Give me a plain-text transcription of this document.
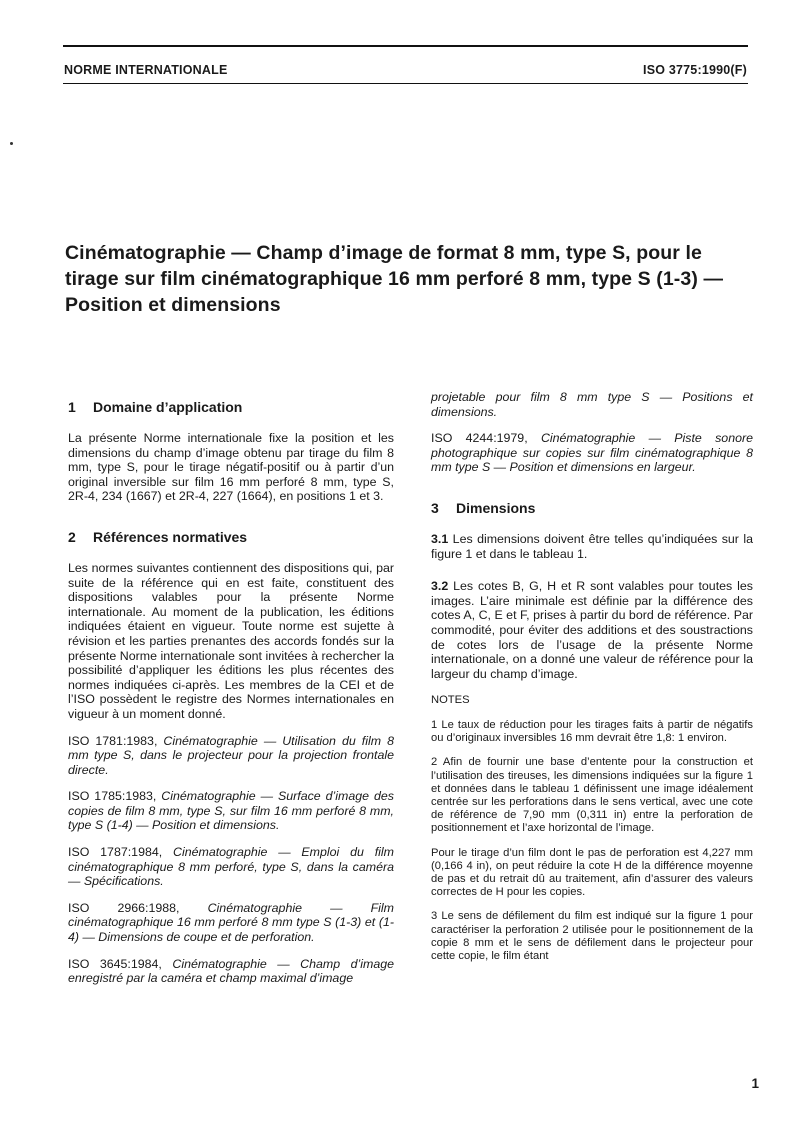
NORME INTERNATIONALE	ISO 3775:1990(F)
Cinématographie — Champ d’image de format 8 mm, type S, pour le tirage sur film cinématographique 16 mm perforé 8 mm, type S (1-3) — Position et dimensions
1 Domaine d’application

La présente Norme internationale fixe la position et les dimensions du champ d’image obtenu par tirage du film 8 mm, type S, pour le tirage négatif-positif ou à partir d’un original inversible sur film 16 mm perforé 8 mm, type S, 2R-4, 234 (1667) et 2R-4, 227 (1664), en positions 1 et 3.

2 Références normatives

Les normes suivantes contiennent des dispositions qui, par suite de la référence qui en est faite, constituent des dispositions valables pour la présente Norme internationale. Au moment de la publication, les éditions indiquées étaient en vigueur. Toute norme est sujette à révision et les parties prenantes des accords fondés sur la présente Norme internationale sont invitées à rechercher la possibilité d’appliquer les éditions les plus récentes des normes indiquées ci-après. Les membres de la CEI et de l’ISO possèdent le registre des Normes internationales en vigueur à un moment donné.

ISO 1781:1983, Cinématographie — Utilisation du film 8 mm type S, dans le projecteur pour la projection frontale directe.

ISO 1785:1983, Cinématographie — Surface d’image des copies de film 8 mm, type S, sur film 16 mm perforé 8 mm, type S (1-4) — Position et dimensions.

ISO 1787:1984, Cinématographie — Emploi du film cinématographique 8 mm perforé, type S, dans la caméra — Spécifications.

ISO 2966:1988, Cinématographie — Film cinématographique 16 mm perforé 8 mm type S (1-3) et (1-4) — Dimensions de coupe et de perforation.

ISO 3645:1984, Cinématographie — Champ d’image enregistré par la caméra et champ maximal d’image

projetable pour film 8 mm type S — Positions et dimensions.

ISO 4244:1979, Cinématographie — Piste sonore photographique sur copies sur film cinématographique 8 mm type S — Position et dimensions en largeur.

3 Dimensions

3.1 Les dimensions doivent être telles qu’indiquées sur la figure 1 et dans le tableau 1.

3.2 Les cotes B, G, H et R sont valables pour toutes les images. L’aire minimale est définie par la différence des cotes A, C, E et F, prises à partir du bord de référence. Par commodité, pour éviter des additions et des soustractions de cotes lors de l’usage de la présente Norme internationale, on a donné une valeur de référence pour la largeur du champ d’image.

NOTES

1 Le taux de réduction pour les tirages faits à partir de négatifs ou d’originaux inversibles 16 mm devrait être 1,8: 1 environ.

2 Afin de fournir une base d’entente pour la construction et l’utilisation des tireuses, les dimensions indiquées sur la figure 1 et données dans le tableau 1 définissent une image idéalement centrée sur les perforations dans le sens vertical, avec une cote de référence de 7,90 mm (0,311 in) entre la perforation de positionnement et l’axe horizontal de l’image.

Pour le tirage d’un film dont le pas de perforation est 4,227 mm (0,166 4 in), on peut réduire la cote H de la différence moyenne de pas et du retrait dû au traitement, afin d’assurer des valeurs correctes de H pour les copies.

3 Le sens de défilement du film est indiqué sur la figure 1 pour caractériser la perforation 2 utilisée pour le positionnement de la copie 8 mm et le sens de défilement dans le projecteur pour cette copie, le film étant

1
